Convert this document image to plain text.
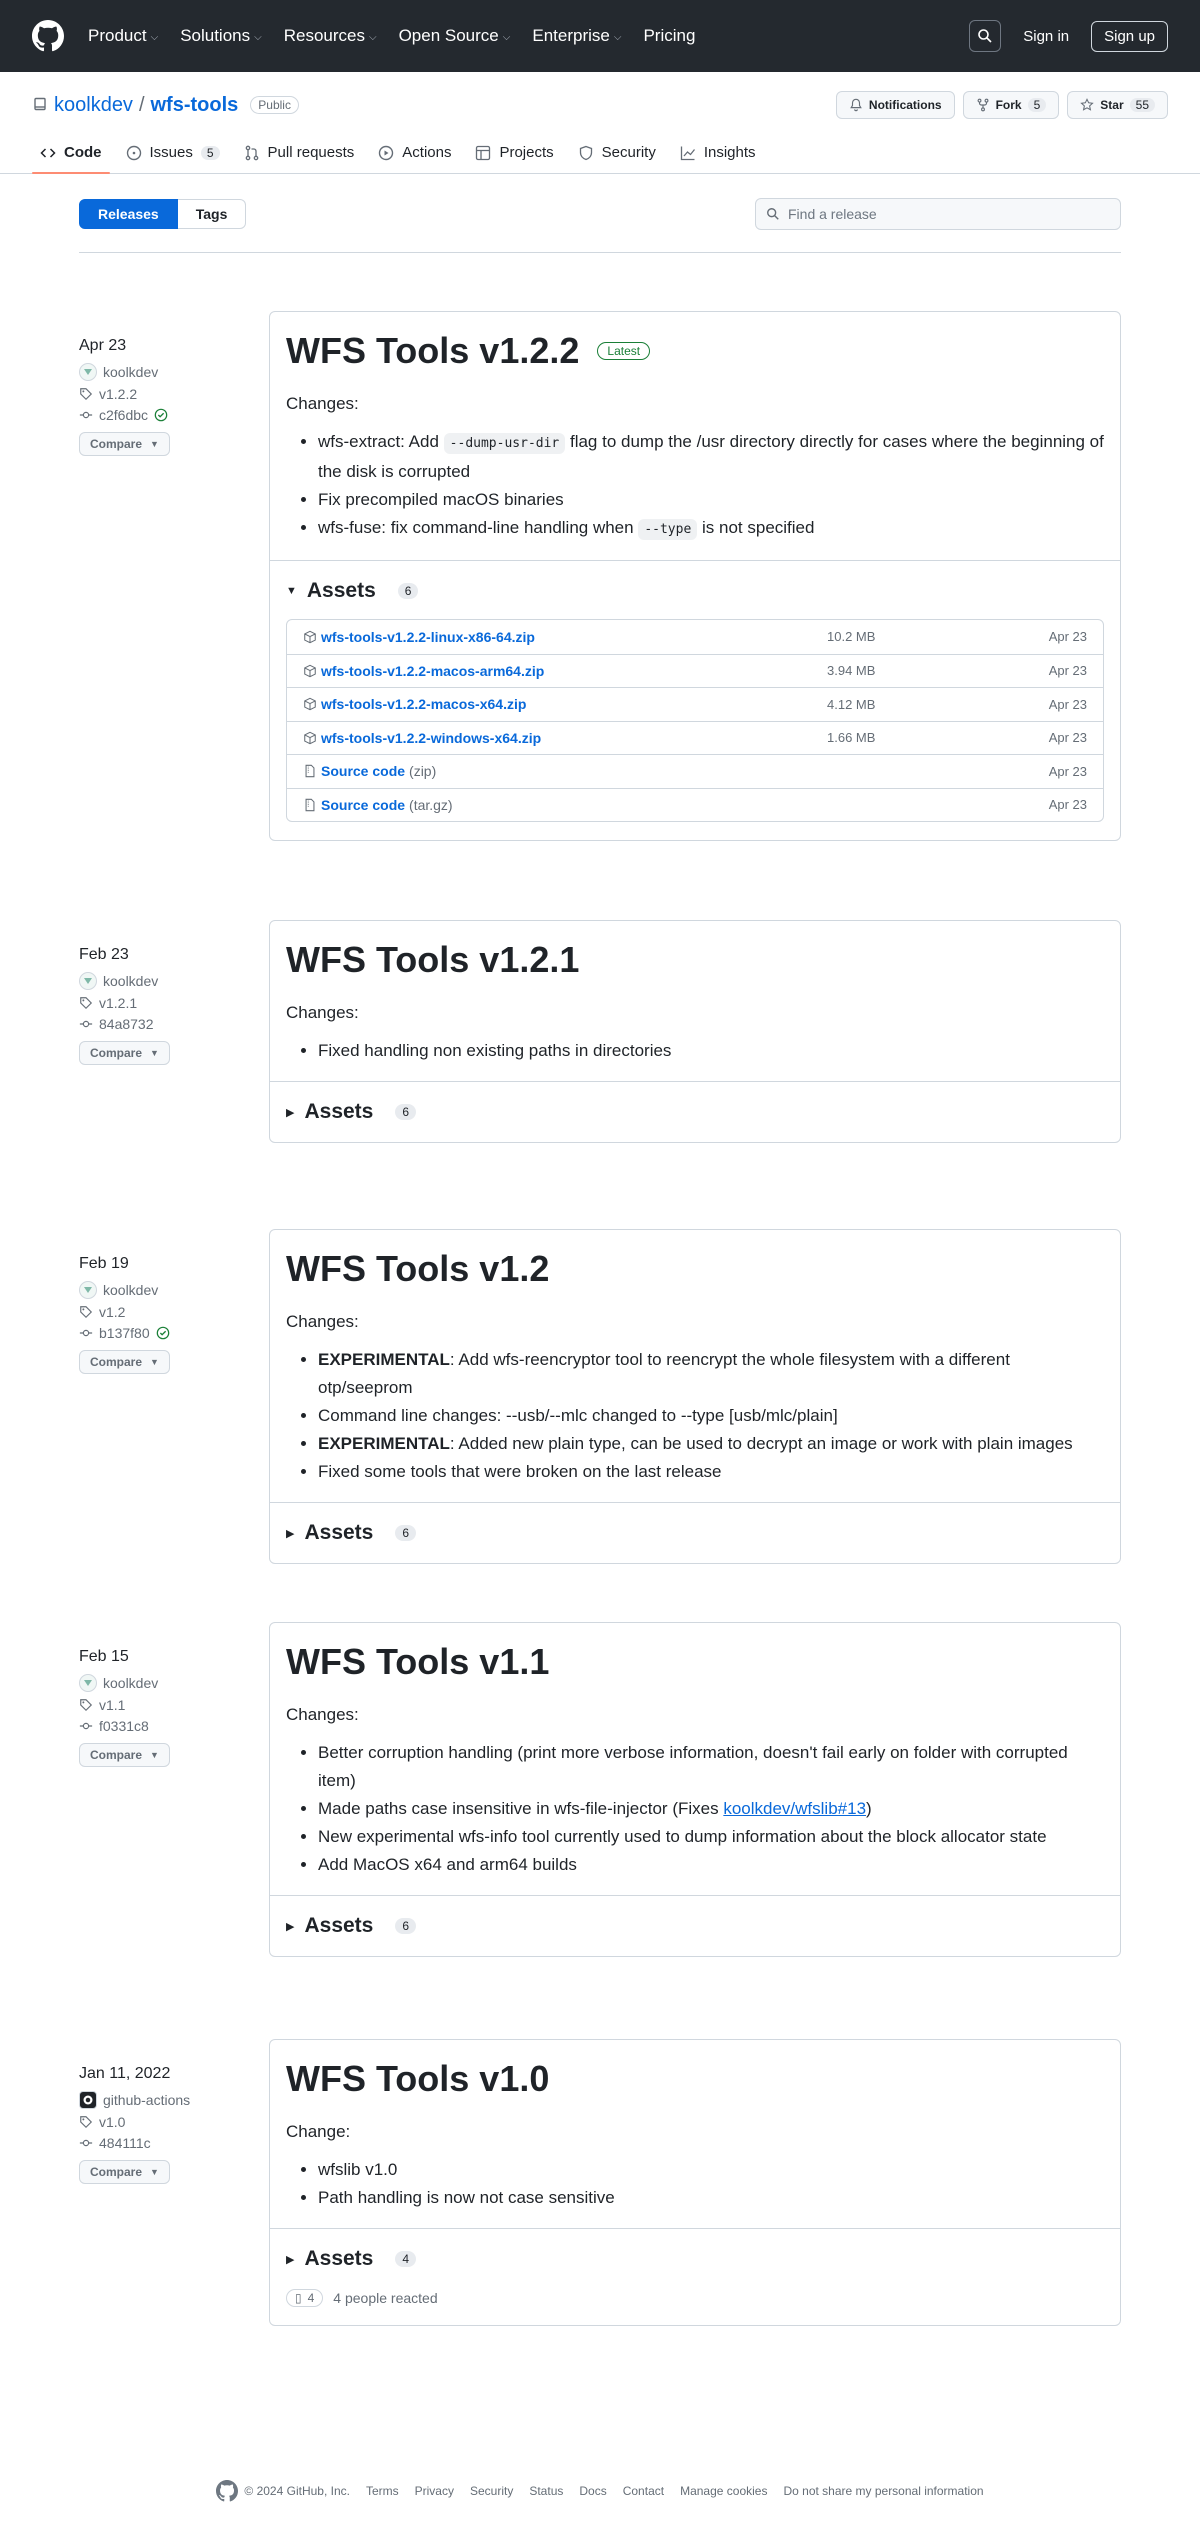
Product ⌵ Solutions ⌵ Resources ⌵ Open Source ⌵ Enterprise ⌵ Pricing	Sign in	Sign up
koolkdev / wfs-tools	Public	Notifications	Fork	5	Star	55
Code	Issues	5	Pull requests	Actions	Projects	Security	Insights
Releases	Tags	Find a release
Apr 23
koolkdev
v1.2.2
c2f6dbc
Compare ▼
WFS Tools v1.2.2	Latest
Changes:
• wfs-extract: Add --dump-usr-dir flag to dump the /usr directory directly for cases where the beginning of the disk is corrupted
• Fix precompiled macOS binaries
• wfs-fuse: fix command-line handling when --type is not specified
▼ Assets	6
wfs-tools-v1.2.2-linux-x86-64.zip	10.2 MB	Apr 23
wfs-tools-v1.2.2-macos-arm64.zip	3.94 MB	Apr 23
wfs-tools-v1.2.2-macos-x64.zip	4.12 MB	Apr 23
wfs-tools-v1.2.2-windows-x64.zip	1.66 MB	Apr 23
Source code (zip)	Apr 23
Source code (tar.gz)	Apr 23
Feb 23
koolkdev
v1.2.1
84a8732
Compare ▼
WFS Tools v1.2.1
Changes:
• Fixed handling non existing paths in directories
▶ Assets	6
Feb 19
koolkdev
v1.2
b137f80
Compare ▼
WFS Tools v1.2
Changes:
• EXPERIMENTAL: Add wfs-reencryptor tool to reencrypt the whole filesystem with a different otp/seeprom
• Command line changes: --usb/--mlc changed to --type [usb/mlc/plain]
• EXPERIMENTAL: Added new plain type, can be used to decrypt an image or work with plain images
• Fixed some tools that were broken on the last release
▶ Assets	6
Feb 15
koolkdev
v1.1
f0331c8
Compare ▼
WFS Tools v1.1
Changes:
• Better corruption handling (print more verbose information, doesn't fail early on folder with corrupted item)
• Made paths case insensitive in wfs-file-injector (Fixes koolkdev/wfslib#13)
• New experimental wfs-info tool currently used to dump information about the block allocator state
• Add MacOS x64 and arm64 builds
▶ Assets	6
Jan 11, 2022
github-actions
v1.0
484111c
Compare ▼
WFS Tools v1.0
Change:
• wfslib v1.0
• Path handling is now not case sensitive
▶ Assets	4
▯ 4 4 people reacted
© 2024 GitHub, Inc. Terms Privacy Security Status Docs Contact Manage cookies Do not share my personal information
